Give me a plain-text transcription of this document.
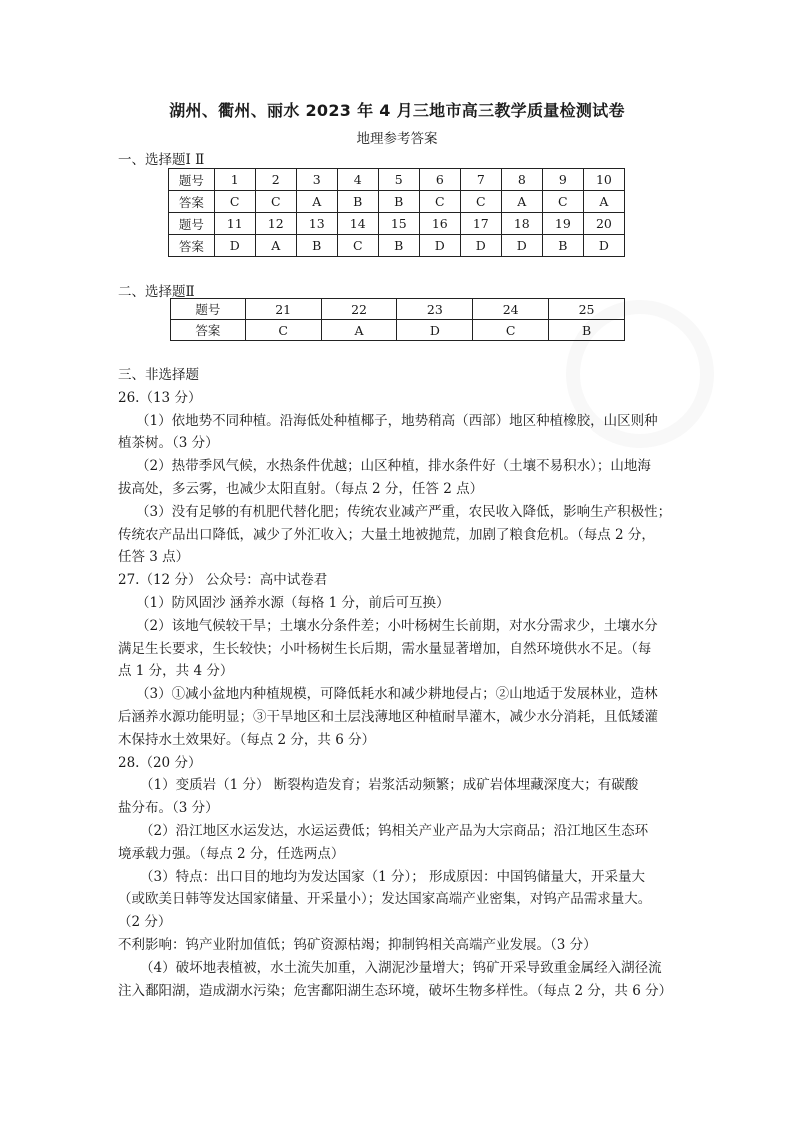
湖州、衢州、丽水 2023 年 4 月三地市高三教学质量检测试卷
地理参考答案
一、选择题Ⅰ Ⅱ
题号	1	2	3	4	5	6	7	8	9	10
答案	C	C	A	B	B	C	C	A	C	A
题号	11	12	13	14	15	16	17	18	19	20
答案	D	A	B	C	B	D	D	D	B	D
二、选择题Ⅱ
题号	21	22	23	24	25
答案	C	A	D	C	B

三、非选择题

26.（13 分）

（1）依地势不同种植。沿海低处种植椰子，地势稍高（西部）地区种植橡胶，山区则种

植茶树。（3 分）

（2）热带季风气候，水热条件优越；山区种植，排水条件好（土壤不易积水）；山地海

拔高处，多云雾，也减少太阳直射。（每点 2 分，任答 2 点）

（3）没有足够的有机肥代替化肥；传统农业减产严重，农民收入降低，影响生产积极性；

传统农产品出口降低，减少了外汇收入；大量土地被抛荒，加剧了粮食危机。（每点 2 分，

任答 3 点）

27.（12 分） 公众号：高中试卷君

（1）防风固沙 涵养水源（每格 1 分，前后可互换）

（2）该地气候较干旱；土壤水分条件差；小叶杨树生长前期，对水分需求少，土壤水分

满足生长要求，生长较快；小叶杨树生长后期，需水量显著增加，自然环境供水不足。（每

点 1 分，共 4 分）

（3）①减小盆地内种植规模，可降低耗水和减少耕地侵占；②山地适于发展林业，造林

后涵养水源功能明显；③干旱地区和土层浅薄地区种植耐旱灌木，减少水分消耗，且低矮灌

木保持水土效果好。（每点 2 分，共 6 分）

28.（20 分）

（1）变质岩（1 分） 断裂构造发育；岩浆活动频繁；成矿岩体埋藏深度大；有碳酸

盐分布。（3 分）

（2）沿江地区水运发达，水运运费低；钨相关产业产品为大宗商品；沿江地区生态环

境承载力强。（每点 2 分，任选两点）

（3）特点：出口目的地均为发达国家（1 分）； 形成原因：中国钨储量大，开采量大

（或欧美日韩等发达国家储量、开采量小）；发达国家高端产业密集，对钨产品需求量大。

（2 分）

不利影响：钨产业附加值低；钨矿资源枯竭；抑制钨相关高端产业发展。（3 分）

（4）破坏地表植被，水土流失加重，入湖泥沙量增大；钨矿开采导致重金属经入湖径流

注入鄱阳湖，造成湖水污染；危害鄱阳湖生态环境，破坏生物多样性。（每点 2 分，共 6 分）
